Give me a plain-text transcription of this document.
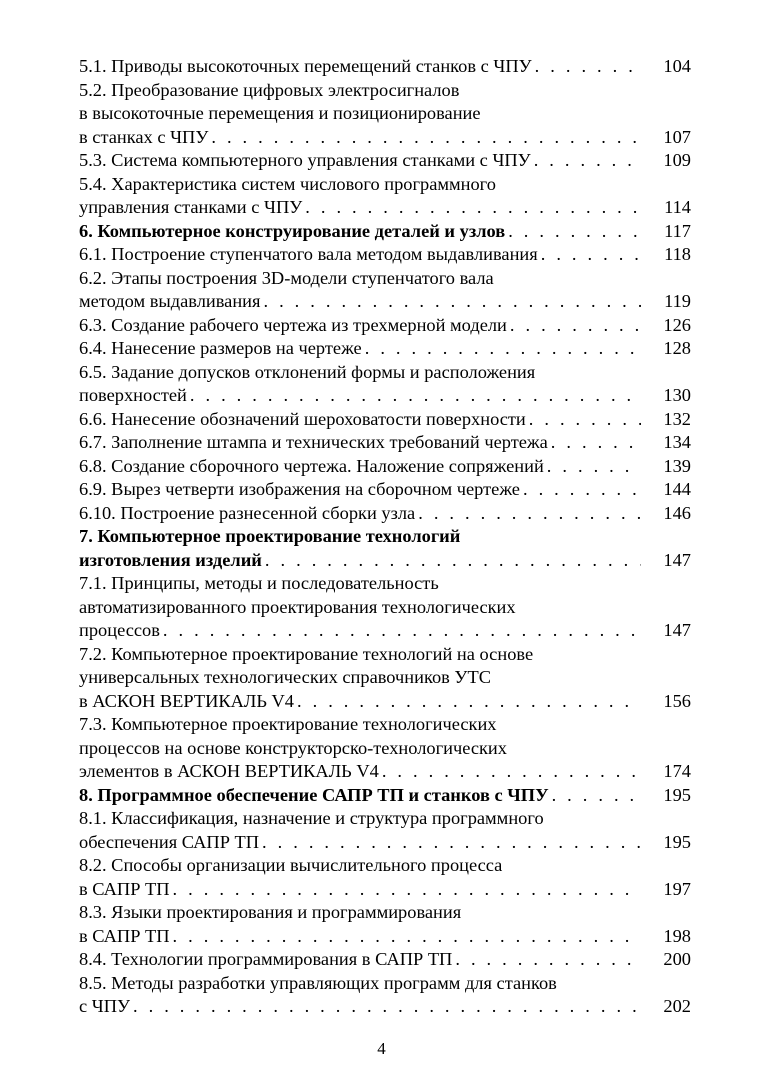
5.1. Приводы высокоточных перемещений станков с ЧПУ . . .	104
5.2. Преобразование цифровых электросигналов
в высокоточные перемещения и позиционирование
в станках с ЧПУ . . .	107
5.3. Система компьютерного управления станками с ЧПУ . . .	109
5.4. Характеристика систем числового программного
управления станками с ЧПУ . . .	114
6. Компьютерное конструирование деталей и узлов . . .	117
6.1. Построение ступенчатого вала методом выдавливания . . .	118
6.2. Этапы построения 3D-модели ступенчатого вала
методом выдавливания . . .	119
6.3. Создание рабочего чертежа из трехмерной модели . . .	126
6.4. Нанесение размеров на чертеже . . .	128
6.5. Задание допусков отклонений формы и расположения
поверхностей . . .	130
6.6. Нанесение обозначений шероховатости поверхности . . .	132
6.7. Заполнение штампа и технических требований чертежа . . .	134
6.8. Создание сборочного чертежа. Наложение сопряжений . . .	139
6.9. Вырез четверти изображения на сборочном чертеже . . .	144
6.10. Построение разнесенной сборки узла . . .	146
7. Компьютерное проектирование технологий
изготовления изделий . . .	147
7.1. Принципы, методы и последовательность
автоматизированного проектирования технологических
процессов . . .	147
7.2. Компьютерное проектирование технологий на основе
универсальных технологических справочников УТС
в АСКОН ВЕРТИКАЛЬ V4 . . .	156
7.3. Компьютерное проектирование технологических
процессов на основе конструкторско-технологических
элементов в АСКОН ВЕРТИКАЛЬ V4 . . .	174
8. Программное обеспечение САПР ТП и станков с ЧПУ . . .	195
8.1. Классификация, назначение и структура программного
обеспечения САПР ТП . . .	195
8.2. Способы организации вычислительного процесса
в САПР ТП . . .	197
8.3. Языки проектирования и программирования
в САПР ТП . . .	198
8.4. Технологии программирования в САПР ТП . . .	200
8.5. Методы разработки управляющих программ для станков
с ЧПУ . . .	202
4
